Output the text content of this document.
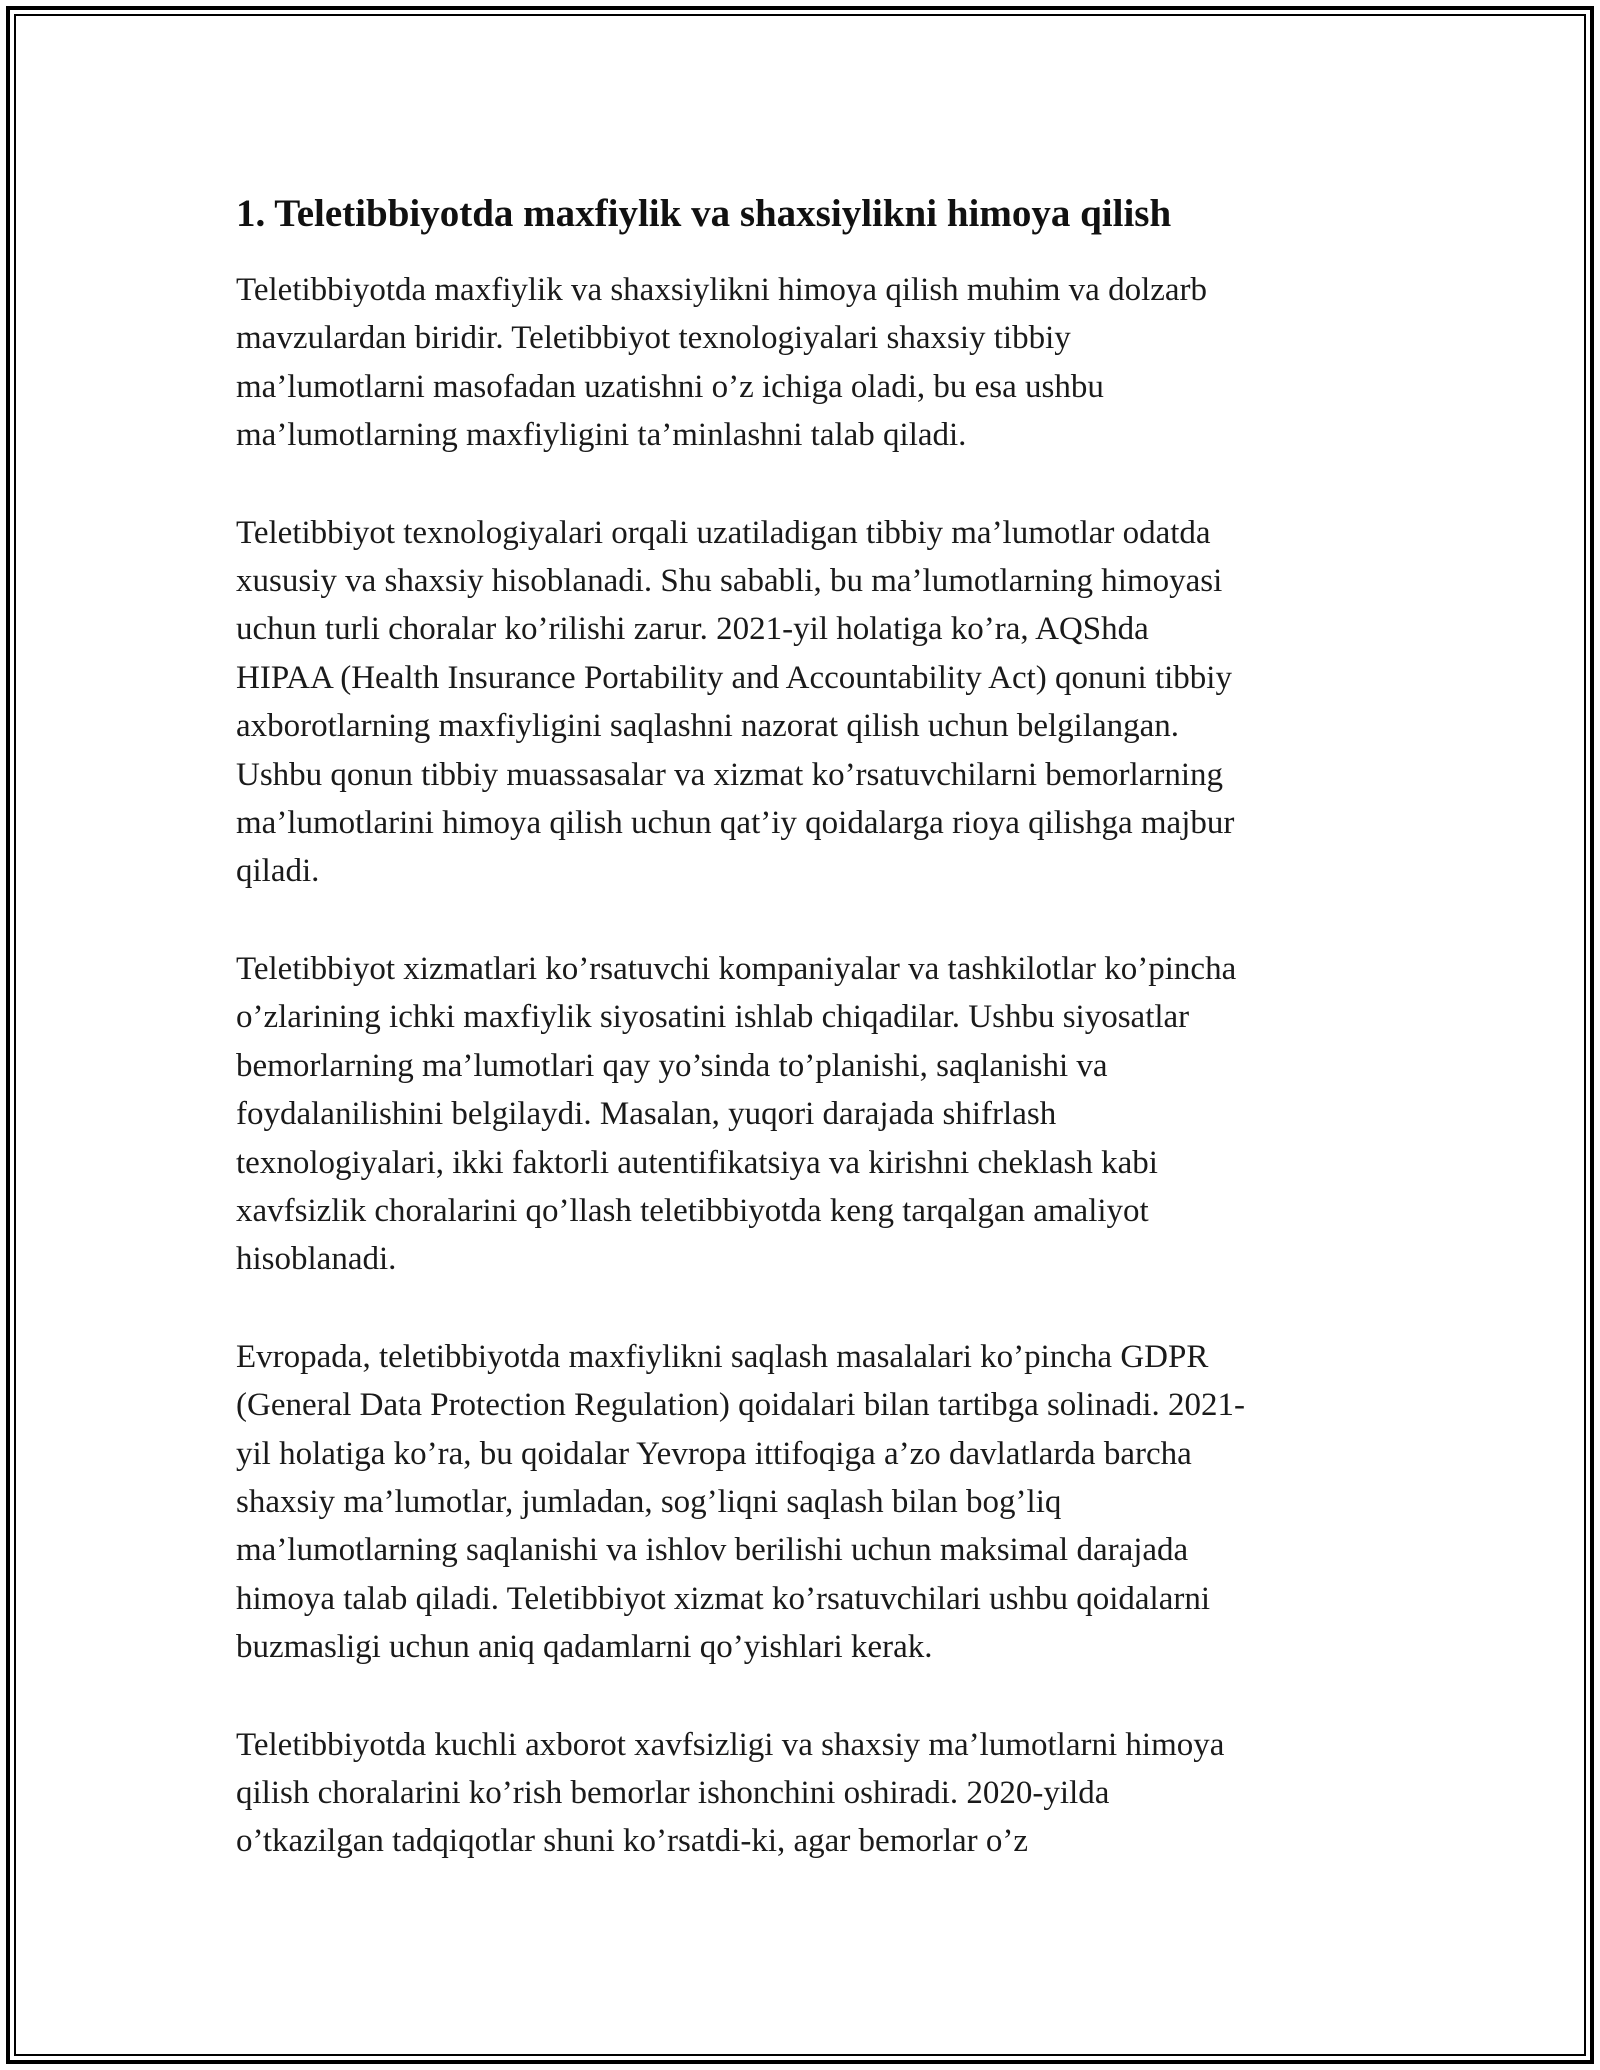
1. Teletibbiyotda maxfiylik va shaxsiylikni himoya qilish

Teletibbiyotda maxfiylik va shaxsiylikni himoya qilish muhim va dolzarb
mavzulardan biridir. Teletibbiyot texnologiyalari shaxsiy tibbiy
ma’lumotlarni masofadan uzatishni o’z ichiga oladi, bu esa ushbu
ma’lumotlarning maxfiyligini ta’minlashni talab qiladi.

Teletibbiyot texnologiyalari orqali uzatiladigan tibbiy ma’lumotlar odatda
xususiy va shaxsiy hisoblanadi. Shu sababli, bu ma’lumotlarning himoyasi
uchun turli choralar ko’rilishi zarur. 2021-yil holatiga ko’ra, AQShda
HIPAA (Health Insurance Portability and Accountability Act) qonuni tibbiy
axborotlarning maxfiyligini saqlashni nazorat qilish uchun belgilangan.
Ushbu qonun tibbiy muassasalar va xizmat ko’rsatuvchilarni bemorlarning
ma’lumotlarini himoya qilish uchun qat’iy qoidalarga rioya qilishga majbur
qiladi.

Teletibbiyot xizmatlari ko’rsatuvchi kompaniyalar va tashkilotlar ko’pincha
o’zlarining ichki maxfiylik siyosatini ishlab chiqadilar. Ushbu siyosatlar
bemorlarning ma’lumotlari qay yo’sinda to’planishi, saqlanishi va
foydalanilishini belgilaydi. Masalan, yuqori darajada shifrlash
texnologiyalari, ikki faktorli autentifikatsiya va kirishni cheklash kabi
xavfsizlik choralarini qo’llash teletibbiyotda keng tarqalgan amaliyot
hisoblanadi.

Evropada, teletibbiyotda maxfiylikni saqlash masalalari ko’pincha GDPR
(General Data Protection Regulation) qoidalari bilan tartibga solinadi. 2021-
yil holatiga ko’ra, bu qoidalar Yevropa ittifoqiga a’zo davlatlarda barcha
shaxsiy ma’lumotlar, jumladan, sog’liqni saqlash bilan bog’liq
ma’lumotlarning saqlanishi va ishlov berilishi uchun maksimal darajada
himoya talab qiladi. Teletibbiyot xizmat ko’rsatuvchilari ushbu qoidalarni
buzmasligi uchun aniq qadamlarni qo’yishlari kerak.

Teletibbiyotda kuchli axborot xavfsizligi va shaxsiy ma’lumotlarni himoya
qilish choralarini ko’rish bemorlar ishonchini oshiradi. 2020-yilda
o’tkazilgan tadqiqotlar shuni ko’rsatdi-ki, agar bemorlar o’z
